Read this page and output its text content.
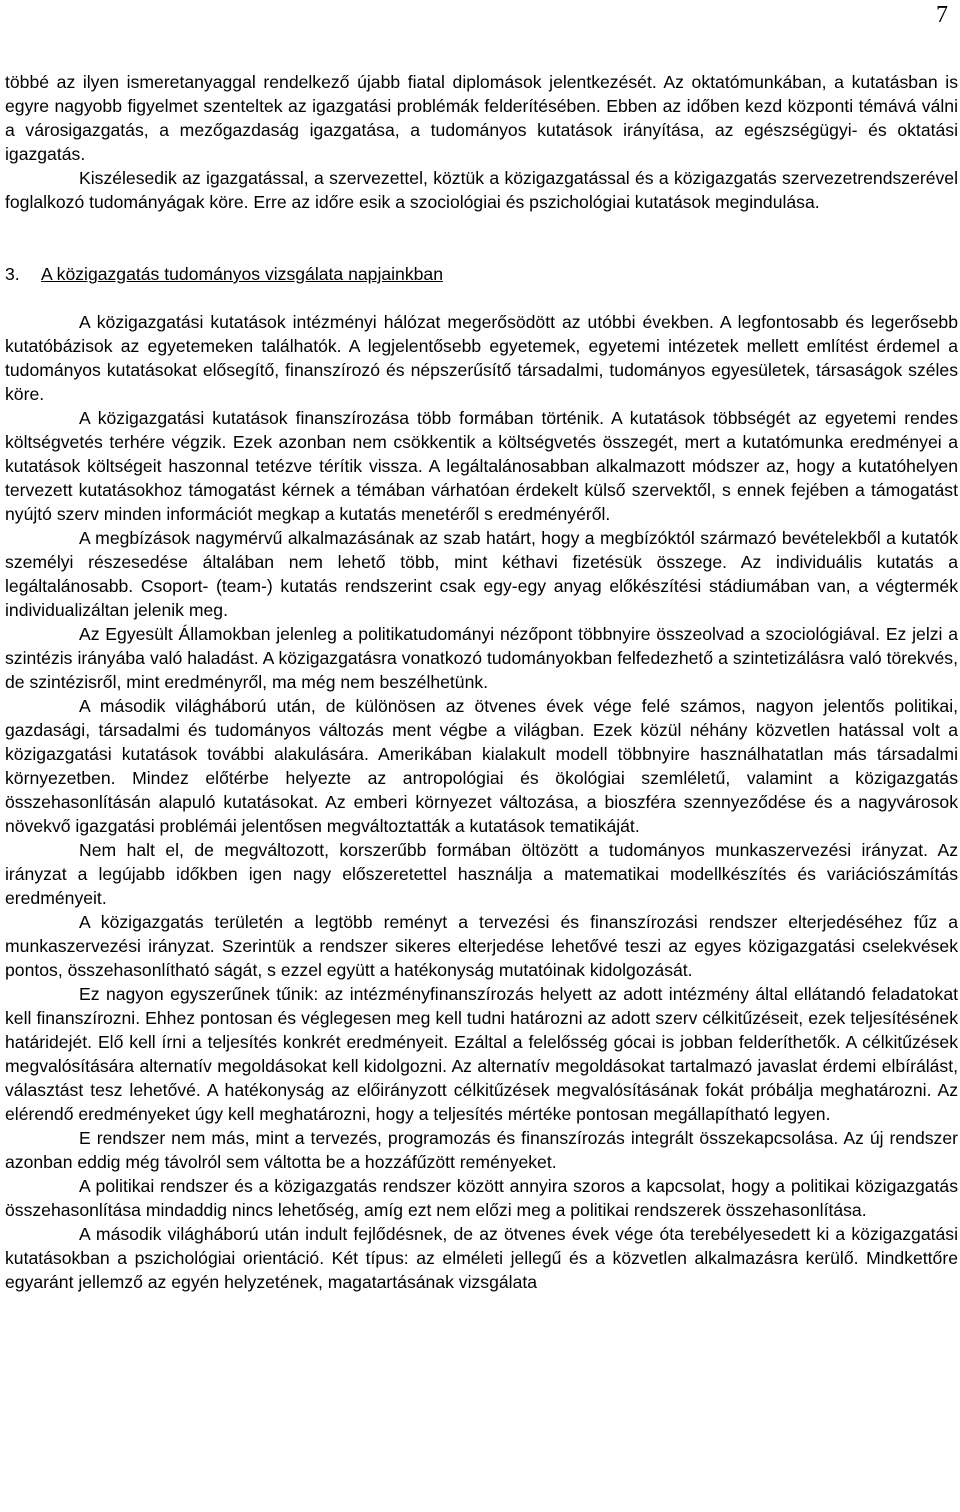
7

többé az ilyen ismeretanyaggal rendelkező újabb fiatal diplomások jelentkezését. Az oktatómunkában, a kutatásban is egyre nagyobb figyelmet szenteltek az igazgatási problémák felderítésében. Ebben az időben kezd központi témává válni a városigazgatás, a mezőgazdaság igazgatása, a tudományos kutatások irányítása, az egészségügyi- és oktatási igazgatás.

Kiszélesedik az igazgatással, a szervezettel, köztük a közigazgatással és a közigazgatás szervezetrendszerével foglalkozó tudományágak köre. Erre az időre esik a szociológiai és pszichológiai kutatások megindulása.

3. A közigazgatás tudományos vizsgálata napjainkban

A közigazgatási kutatások intézményi hálózat megerősödött az utóbbi években. A legfontosabb és legerősebb kutatóbázisok az egyetemeken találhatók. A legjelentősebb egyetemek, egyetemi intézetek mellett említést érdemel a tudományos kutatásokat elősegítő, finanszírozó és népszerűsítő társadalmi, tudományos egyesületek, társaságok széles köre.

A közigazgatási kutatások finanszírozása több formában történik. A kutatások többségét az egyetemi rendes költségvetés terhére végzik. Ezek azonban nem csökkentik a költségvetés összegét, mert a kutatómunka eredményei a kutatások költségeit haszonnal tetézve térítik vissza. A legáltalánosabban alkalmazott módszer az, hogy a kutatóhelyen tervezett kutatásokhoz támogatást kérnek a témában várhatóan érdekelt külső szervektől, s ennek fejében a támogatást nyújtó szerv minden információt megkap a kutatás menetéről s eredményéről.

A megbízások nagymérvű alkalmazásának az szab határt, hogy a megbízóktól származó bevételekből a kutatók személyi részesedése általában nem lehető több, mint kéthavi fizetésük összege. Az individuális kutatás a legáltalánosabb. Csoport- (team-) kutatás rendszerint csak egy-egy anyag előkészítési stádiumában van, a végtermék individualizáltan jelenik meg.

Az Egyesült Államokban jelenleg a politikatudományi nézőpont többnyire összeolvad a szociológiával. Ez jelzi a szintézis irányába való haladást. A közigazgatásra vonatkozó tudományokban felfedezhető a szintetizálásra való törekvés, de szintézisről, mint eredményről, ma még nem beszélhetünk.

A második világháború után, de különösen az ötvenes évek vége felé számos, nagyon jelentős politikai, gazdasági, társadalmi és tudományos változás ment végbe a világban. Ezek közül néhány közvetlen hatással volt a közigazgatási kutatások további alakulására. Amerikában kialakult modell többnyire használhatatlan más társadalmi környezetben. Mindez előtérbe helyezte az antropológiai és ökológiai szemléletű, valamint a közigazgatás összehasonlításán alapuló kutatásokat. Az emberi környezet változása, a bioszféra szennyeződése és a nagyvárosok növekvő igazgatási problémái jelentősen megváltoztatták a kutatások tematikáját.

Nem halt el, de megváltozott, korszerűbb formában öltözött a tudományos munkaszervezési irányzat. Az irányzat a legújabb időkben igen nagy előszeretettel használja a matematikai modellkészítés és variációszámítás eredményeit.

A közigazgatás területén a legtöbb reményt a tervezési és finanszírozási rendszer elterjedéséhez fűz a munkaszervezési irányzat. Szerintük a rendszer sikeres elterjedése lehetővé teszi az egyes közigazgatási cselekvések pontos, összehasonlítható ságát, s ezzel együtt a hatékonyság mutatóinak kidolgozását.

Ez nagyon egyszerűnek tűnik: az intézményfinanszírozás helyett az adott intézmény által ellátandó feladatokat kell finanszírozni. Ehhez pontosan és véglegesen meg kell tudni határozni az adott szerv célkitűzéseit, ezek teljesítésének határidejét. Elő kell írni a teljesítés konkrét eredményeit. Ezáltal a felelősség gócai is jobban felderíthetők. A célkitűzések megvalósítására alternatív megoldásokat kell kidolgozni. Az alternatív megoldásokat tartalmazó javaslat érdemi elbírálást, választást tesz lehetővé. A hatékonyság az előirányzott célkitűzések megvalósításának fokát próbálja meghatározni. Az elérendő eredményeket úgy kell meghatározni, hogy a teljesítés mértéke pontosan megállapítható legyen.

E rendszer nem más, mint a tervezés, programozás és finanszírozás integrált összekapcsolása. Az új rendszer azonban eddig még távolról sem váltotta be a hozzáfűzött reményeket.

A politikai rendszer és a közigazgatás rendszer között annyira szoros a kapcsolat, hogy a politikai közigazgatás összehasonlítása mindaddig nincs lehetőség, amíg ezt nem előzi meg a politikai rendszerek összehasonlítása.

A második világháború után indult fejlődésnek, de az ötvenes évek vége óta terebélyesedett ki a közigazgatási kutatásokban a pszichológiai orientáció. Két típus: az elméleti jellegű és a közvetlen alkalmazásra kerülő. Mindkettőre egyaránt jellemző az egyén helyzetének, magatartásának vizsgálata
